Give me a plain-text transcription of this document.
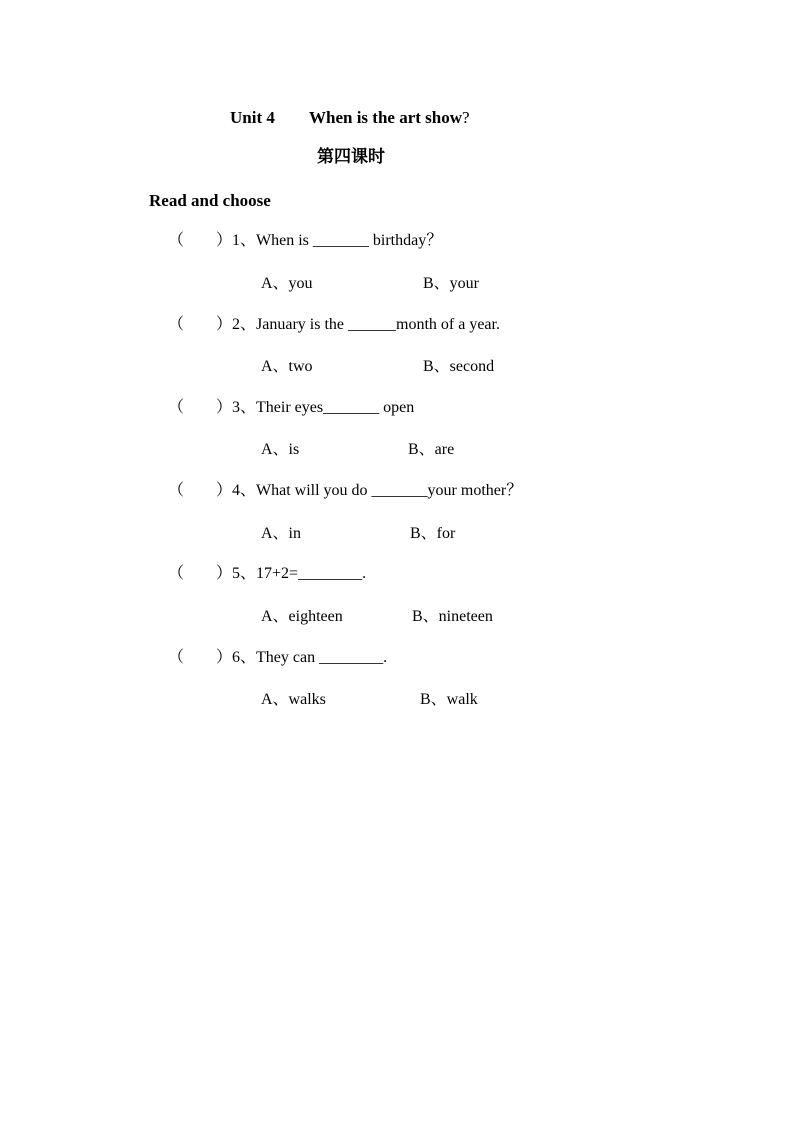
Unit 4 When is the art show?
第四课时
Read and choose
（ ） 1、When is _______ birthday？
A、you	B、your
（ ） 2、January is the ______month of a year.
A、two	B、second
（ ） 3、Their eyes_______ open
A、is	B、are
（ ） 4、What will you do _______your mother？
A、in	B、for
（ ） 5、17+2=________.
A、eighteen	B、nineteen
（ ） 6、They can ________.
A、walks	B、walk
